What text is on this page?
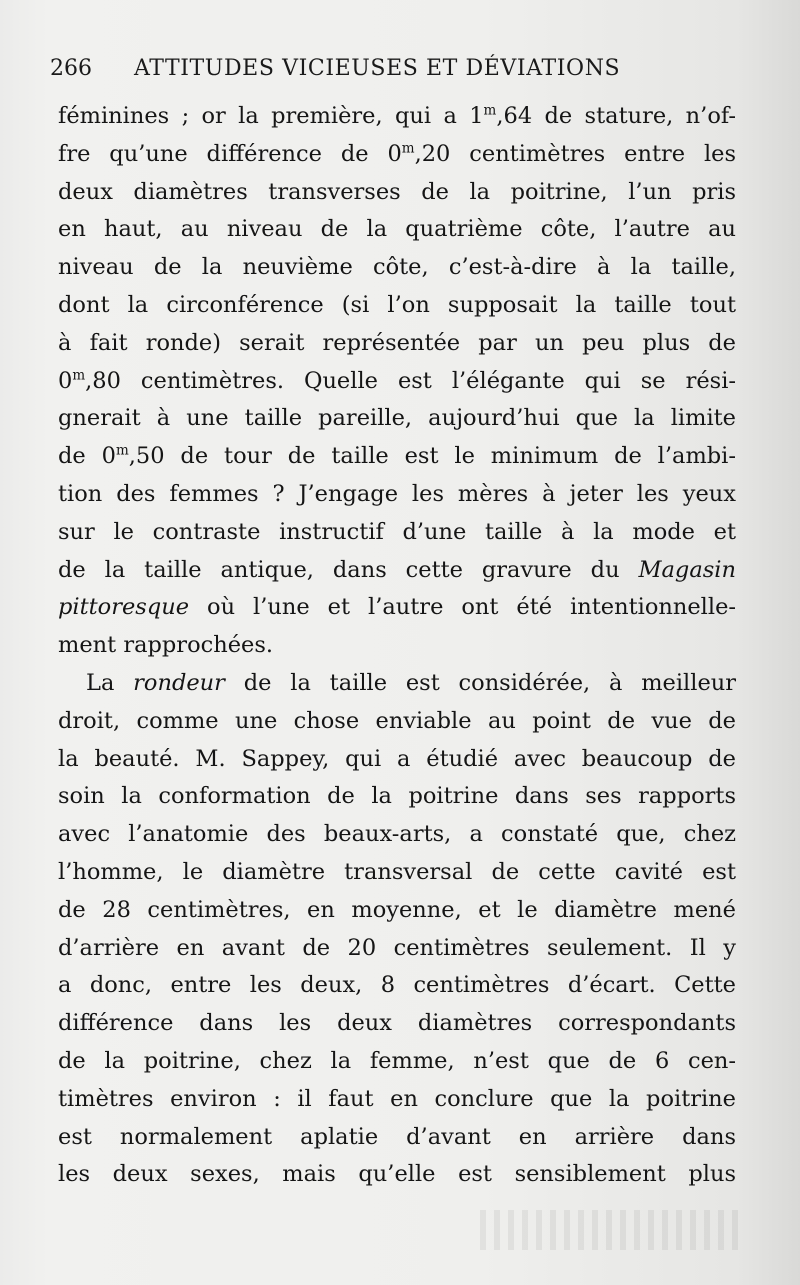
266 ATTITUDES VICIEUSES ET DÉVIATIONS
féminines ; or la première, qui a 1$^m$,64 de stature, n’of-
fre qu’une différence de 0$^m$,20 centimètres entre les
deux diamètres transverses de la poitrine, l’un pris
en haut, au niveau de la quatrième côte, l’autre au
niveau de la neuvième côte, c’est-à-dire à la taille,
dont la circonférence (si l’on supposait la taille tout
à fait ronde) serait représentée par un peu plus de
0$^m$,80 centimètres. Quelle est l’élégante qui se rési-
gnerait à une taille pareille, aujourd’hui que la limite
de 0$^m$,50 de tour de taille est le minimum de l’ambi-
tion des femmes ? J’engage les mères à jeter les yeux
sur le contraste instructif d’une taille à la mode et
de la taille antique, dans cette gravure du Magasin
pittoresque où l’une et l’autre ont été intentionnelle-
ment rapprochées.
La rondeur de la taille est considérée, à meilleur
droit, comme une chose enviable au point de vue de
la beauté. M. Sappey, qui a étudié avec beaucoup de
soin la conformation de la poitrine dans ses rapports
avec l’anatomie des beaux-arts, a constaté que, chez
l’homme, le diamètre transversal de cette cavité est
de 28 centimètres, en moyenne, et le diamètre mené
d’arrière en avant de 20 centimètres seulement. Il y
a donc, entre les deux, 8 centimètres d’écart. Cette
différence dans les deux diamètres correspondants
de la poitrine, chez la femme, n’est que de 6 cen-
timètres environ : il faut en conclure que la poitrine
est normalement aplatie d’avant en arrière dans
les deux sexes, mais qu’elle est sensiblement plus
